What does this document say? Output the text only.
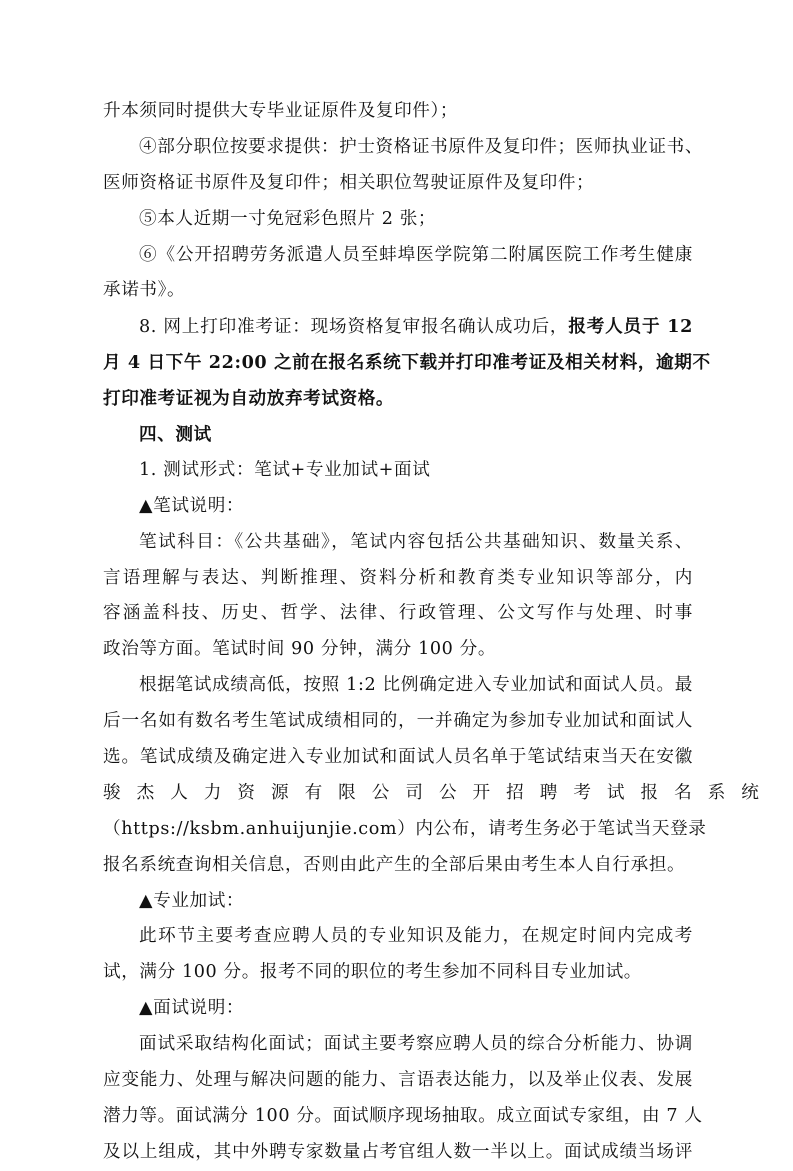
升本须同时提供大专毕业证原件及复印件）；
④部分职位按要求提供：护士资格证书原件及复印件；医师执业证书、
医师资格证书原件及复印件；相关职位驾驶证原件及复印件；
⑤本人近期一寸免冠彩色照片 2 张；
⑥《公开招聘劳务派遣人员至蚌埠医学院第二附属医院工作考生健康
承诺书》。
8. 网上打印准考证：现场资格复审报名确认成功后，报考人员于 12
月 4 日下午 22:00 之前在报名系统下载并打印准考证及相关材料，逾期不
打印准考证视为自动放弃考试资格。
四、测试
1. 测试形式：笔试+专业加试+面试
▲笔试说明：
笔试科目：《公共基础》，笔试内容包括公共基础知识、数量关系、
言语理解与表达、判断推理、资料分析和教育类专业知识等部分，内
容涵盖科技、历史、哲学、法律、行政管理、公文写作与处理、时事
政治等方面。笔试时间 90 分钟，满分 100 分。
根据笔试成绩高低，按照 1:2 比例确定进入专业加试和面试人员。最
后一名如有数名考生笔试成绩相同的，一并确定为参加专业加试和面试人
选。笔试成绩及确定进入专业加试和面试人员名单于笔试结束当天在安徽
骏杰人力资源有限公司公开招聘考试报名系统
（https://ksbm.anhuijunjie.com）内公布，请考生务必于笔试当天登录
报名系统查询相关信息，否则由此产生的全部后果由考生本人自行承担。
▲专业加试：
此环节主要考查应聘人员的专业知识及能力，在规定时间内完成考
试，满分 100 分。报考不同的职位的考生参加不同科目专业加试。
▲面试说明：
面试采取结构化面试；面试主要考察应聘人员的综合分析能力、协调
应变能力、处理与解决问题的能力、言语表达能力，以及举止仪表、发展
潜力等。面试满分 100 分。面试顺序现场抽取。成立面试专家组，由 7 人
及以上组成，其中外聘专家数量占考官组人数一半以上。面试成绩当场评
